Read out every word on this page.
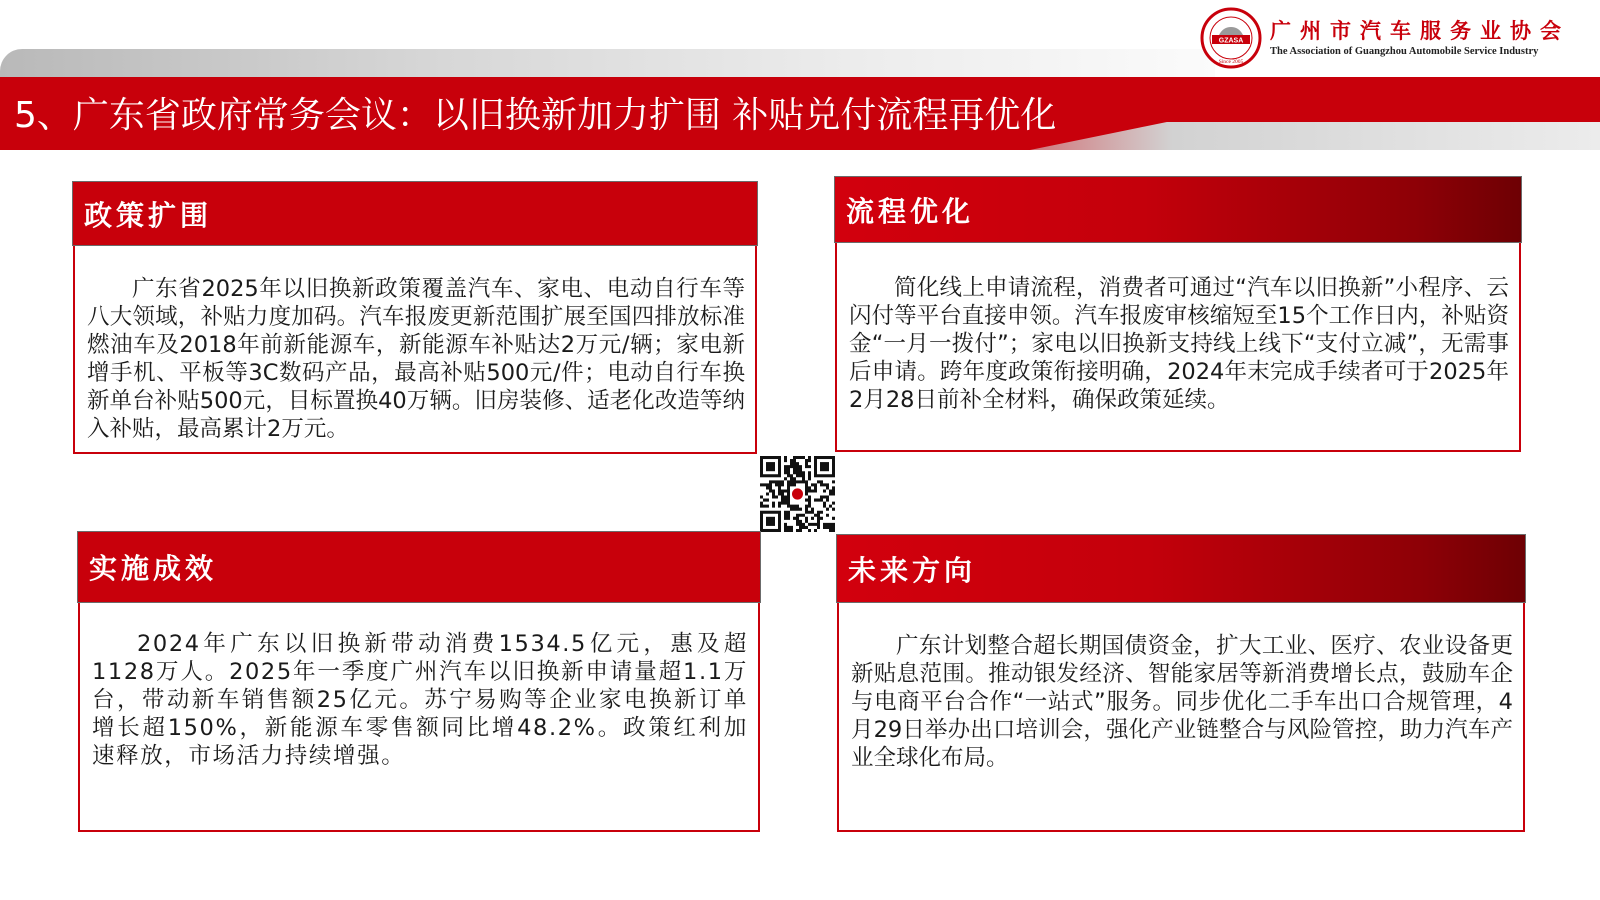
5、广东省政府常务会议：以旧换新加力扩围 补贴兑付流程再优化
GZASA
Since 2005
广州市汽车服务业协会
The Association of Guangzhou Automobile Service Industry
政策扩围

广东省2025年以旧换新政策覆盖汽车、家电、电动自行车等八大领域，补贴力度加码。汽车报废更新范围扩展至国四排放标准燃油车及2018年前新能源车，新能源车补贴达2万元/辆；家电新增手机、平板等3C数码产品，最高补贴500元/件；电动自行车换新单台补贴500元，目标置换40万辆。旧房装修、适老化改造等纳入补贴，最高累计2万元。

流程优化

简化线上申请流程，消费者可通过“汽车以旧换新”小程序、云闪付等平台直接申领。汽车报废审核缩短至15个工作日内，补贴资金“一月一拨付”；家电以旧换新支持线上线下“支付立减”，无需事后申请。跨年度政策衔接明确，2024年末完成手续者可于2025年2月28日前补全材料，确保政策延续。

实施成效

2024年广东以旧换新带动消费1534.5亿元，惠及超1128万人。2025年一季度广州汽车以旧换新申请量超1.1万台，带动新车销售额25亿元。苏宁易购等企业家电换新订单增长超150%，新能源车零售额同比增48.2%。政策红利加速释放，市场活力持续增强。

未来方向

广东计划整合超长期国债资金，扩大工业、医疗、农业设备更新贴息范围。推动银发经济、智能家居等新消费增长点，鼓励车企与电商平台合作“一站式”服务。同步优化二手车出口合规管理，4月29日举办出口培训会，强化产业链整合与风险管控，助力汽车产业全球化布局。
